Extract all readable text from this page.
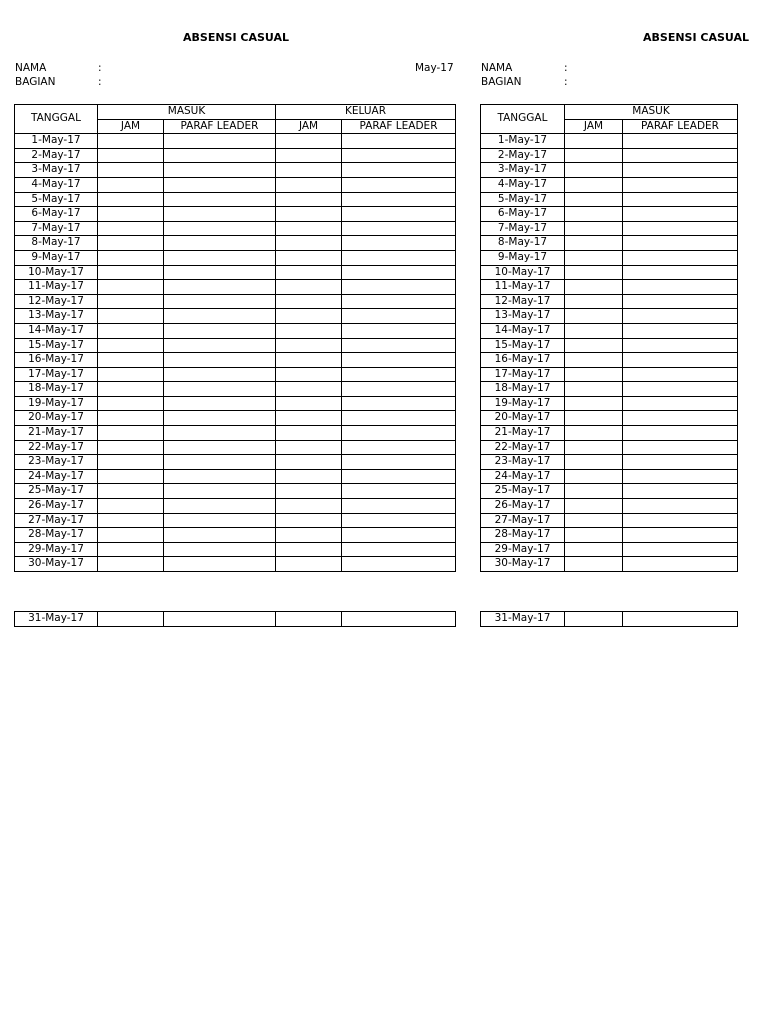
ABSENSI CASUAL
NAMA	:
BAGIAN	:
May-17
TANGGAL	MASUK		KELUAR	
	JAM	PARAF LEADER	JAM	PARAF LEADER
1-May-17				
2-May-17				
3-May-17				
4-May-17				
5-May-17				
6-May-17				
7-May-17				
8-May-17				
9-May-17				
10-May-17				
11-May-17				
12-May-17				
13-May-17				
14-May-17				
15-May-17				
16-May-17				
17-May-17				
18-May-17				
19-May-17				
20-May-17				
21-May-17				
22-May-17				
23-May-17				
24-May-17				
25-May-17				
26-May-17				
27-May-17				
28-May-17				
29-May-17				
30-May-17				
31-May-17				
ABSENSI CASUAL
NAMA	:
BAGIAN	:
TANGGAL	MASUK	
	JAM	PARAF LEADER
1-May-17		
2-May-17		
3-May-17		
4-May-17		
5-May-17		
6-May-17		
7-May-17		
8-May-17		
9-May-17		
10-May-17		
11-May-17		
12-May-17		
13-May-17		
14-May-17		
15-May-17		
16-May-17		
17-May-17		
18-May-17		
19-May-17		
20-May-17		
21-May-17		
22-May-17		
23-May-17		
24-May-17		
25-May-17		
26-May-17		
27-May-17		
28-May-17		
29-May-17		
30-May-17		
31-May-17		
